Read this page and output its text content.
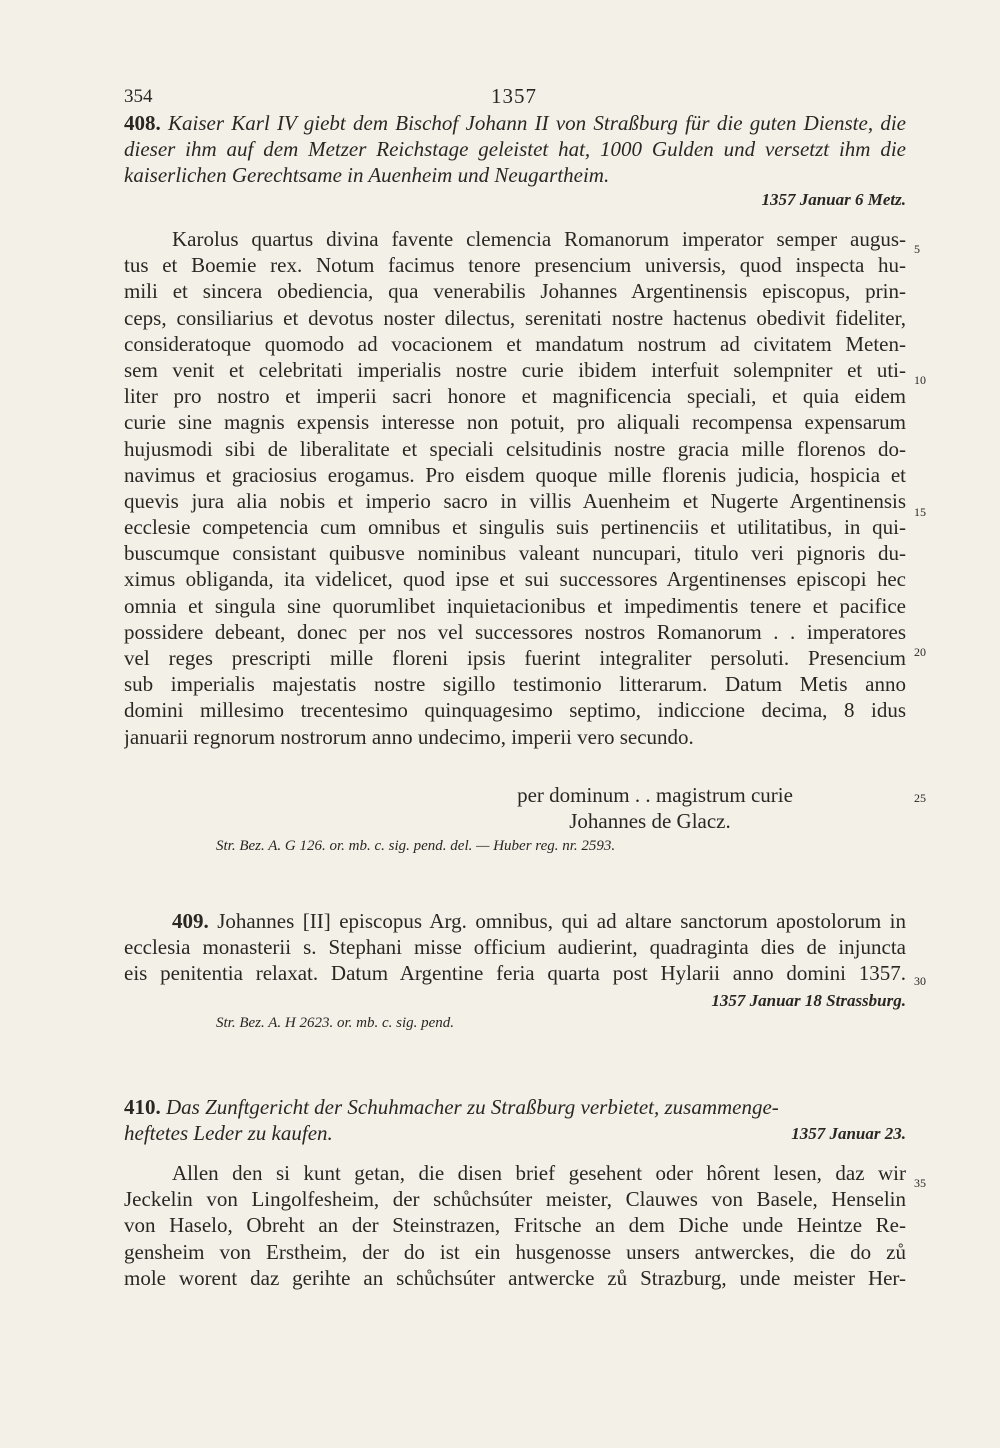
354	1357

408. Kaiser Karl IV giebt dem Bischof Johann II von Straßburg für die guten Dienste, die dieser ihm auf dem Metzer Reichstage geleistet hat, 1000 Gulden und versetzt ihm die kaiserlichen Gerechtsame in Auenheim und Neugartheim.

1357 Januar 6 Metz.

Karolus quartus divina favente clemencia Romanorum imperator semper augus-
tus et Boemie rex. Notum facimus tenore presencium universis, quod inspecta hu-
mili et sincera obediencia, qua venerabilis Johannes Argentinensis episcopus, prin-
ceps, consiliarius et devotus noster dilectus, serenitati nostre hactenus obedivit fideliter,
consideratoque quomodo ad vocacionem et mandatum nostrum ad civitatem Meten-
sem venit et celebritati imperialis nostre curie ibidem interfuit solempniter et uti-
liter pro nostro et imperii sacri honore et magnificencia speciali, et quia eidem
curie sine magnis expensis interesse non potuit, pro aliquali recompensa expensarum
hujusmodi sibi de liberalitate et speciali celsitudinis nostre gracia mille florenos do-
navimus et graciosius erogamus. Pro eisdem quoque mille florenis judicia, hospicia et
quevis jura alia nobis et imperio sacro in villis Auenheim et Nugerte Argentinensis
ecclesie competencia cum omnibus et singulis suis pertinenciis et utilitatibus, in qui-
buscumque consistant quibusve nominibus valeant nuncupari, titulo veri pignoris du-
ximus obliganda, ita videlicet, quod ipse et sui successores Argentinenses episcopi hec
omnia et singula sine quorumlibet inquietacionibus et impedimentis tenere et pacifice
possidere debeant, donec per nos vel successores nostros Romanorum . . imperatores
vel reges prescripti mille floreni ipsis fuerint integraliter persoluti. Presencium
sub imperialis majestatis nostre sigillo testimonio litterarum. Datum Metis anno
domini millesimo trecentesimo quinquagesimo septimo, indiccione decima, 8 idus
januarii regnorum nostrorum anno undecimo, imperii vero secundo.

per dominum . . magistrum curie

Johannes de Glacz.

Str. Bez. A. G 126. or. mb. c. sig. pend. del. — Huber reg. nr. 2593.

409. Johannes [II] episcopus Arg. omnibus, qui ad altare sanctorum apostolorum in
ecclesia monasterii s. Stephani misse officium audierint, quadraginta dies de injuncta
eis penitentia relaxat. Datum Argentine feria quarta post Hylarii anno domini 1357.

1357 Januar 18 Strassburg.

Str. Bez. A. H 2623. or. mb. c. sig. pend.

410. Das Zunftgericht der Schuhmacher zu Straßburg verbietet, zusammenge-

heftetes Leder zu kaufen.	1357 Januar 23.
Allen den si kunt getan, die disen brief gesehent oder hôrent lesen, daz wir
Jeckelin von Lingolfesheim, der schůchsúter meister, Clauwes von Basele, Henselin
von Haselo, Obreht an der Steinstrazen, Fritsche an dem Diche unde Heintze Re-
gensheim von Erstheim, der do ist ein husgenosse unsers antwerckes, die do zů
mole worent daz gerihte an schůchsúter antwercke zů Strazburg, unde meister Her-
5
10
15
20
25
30
35
